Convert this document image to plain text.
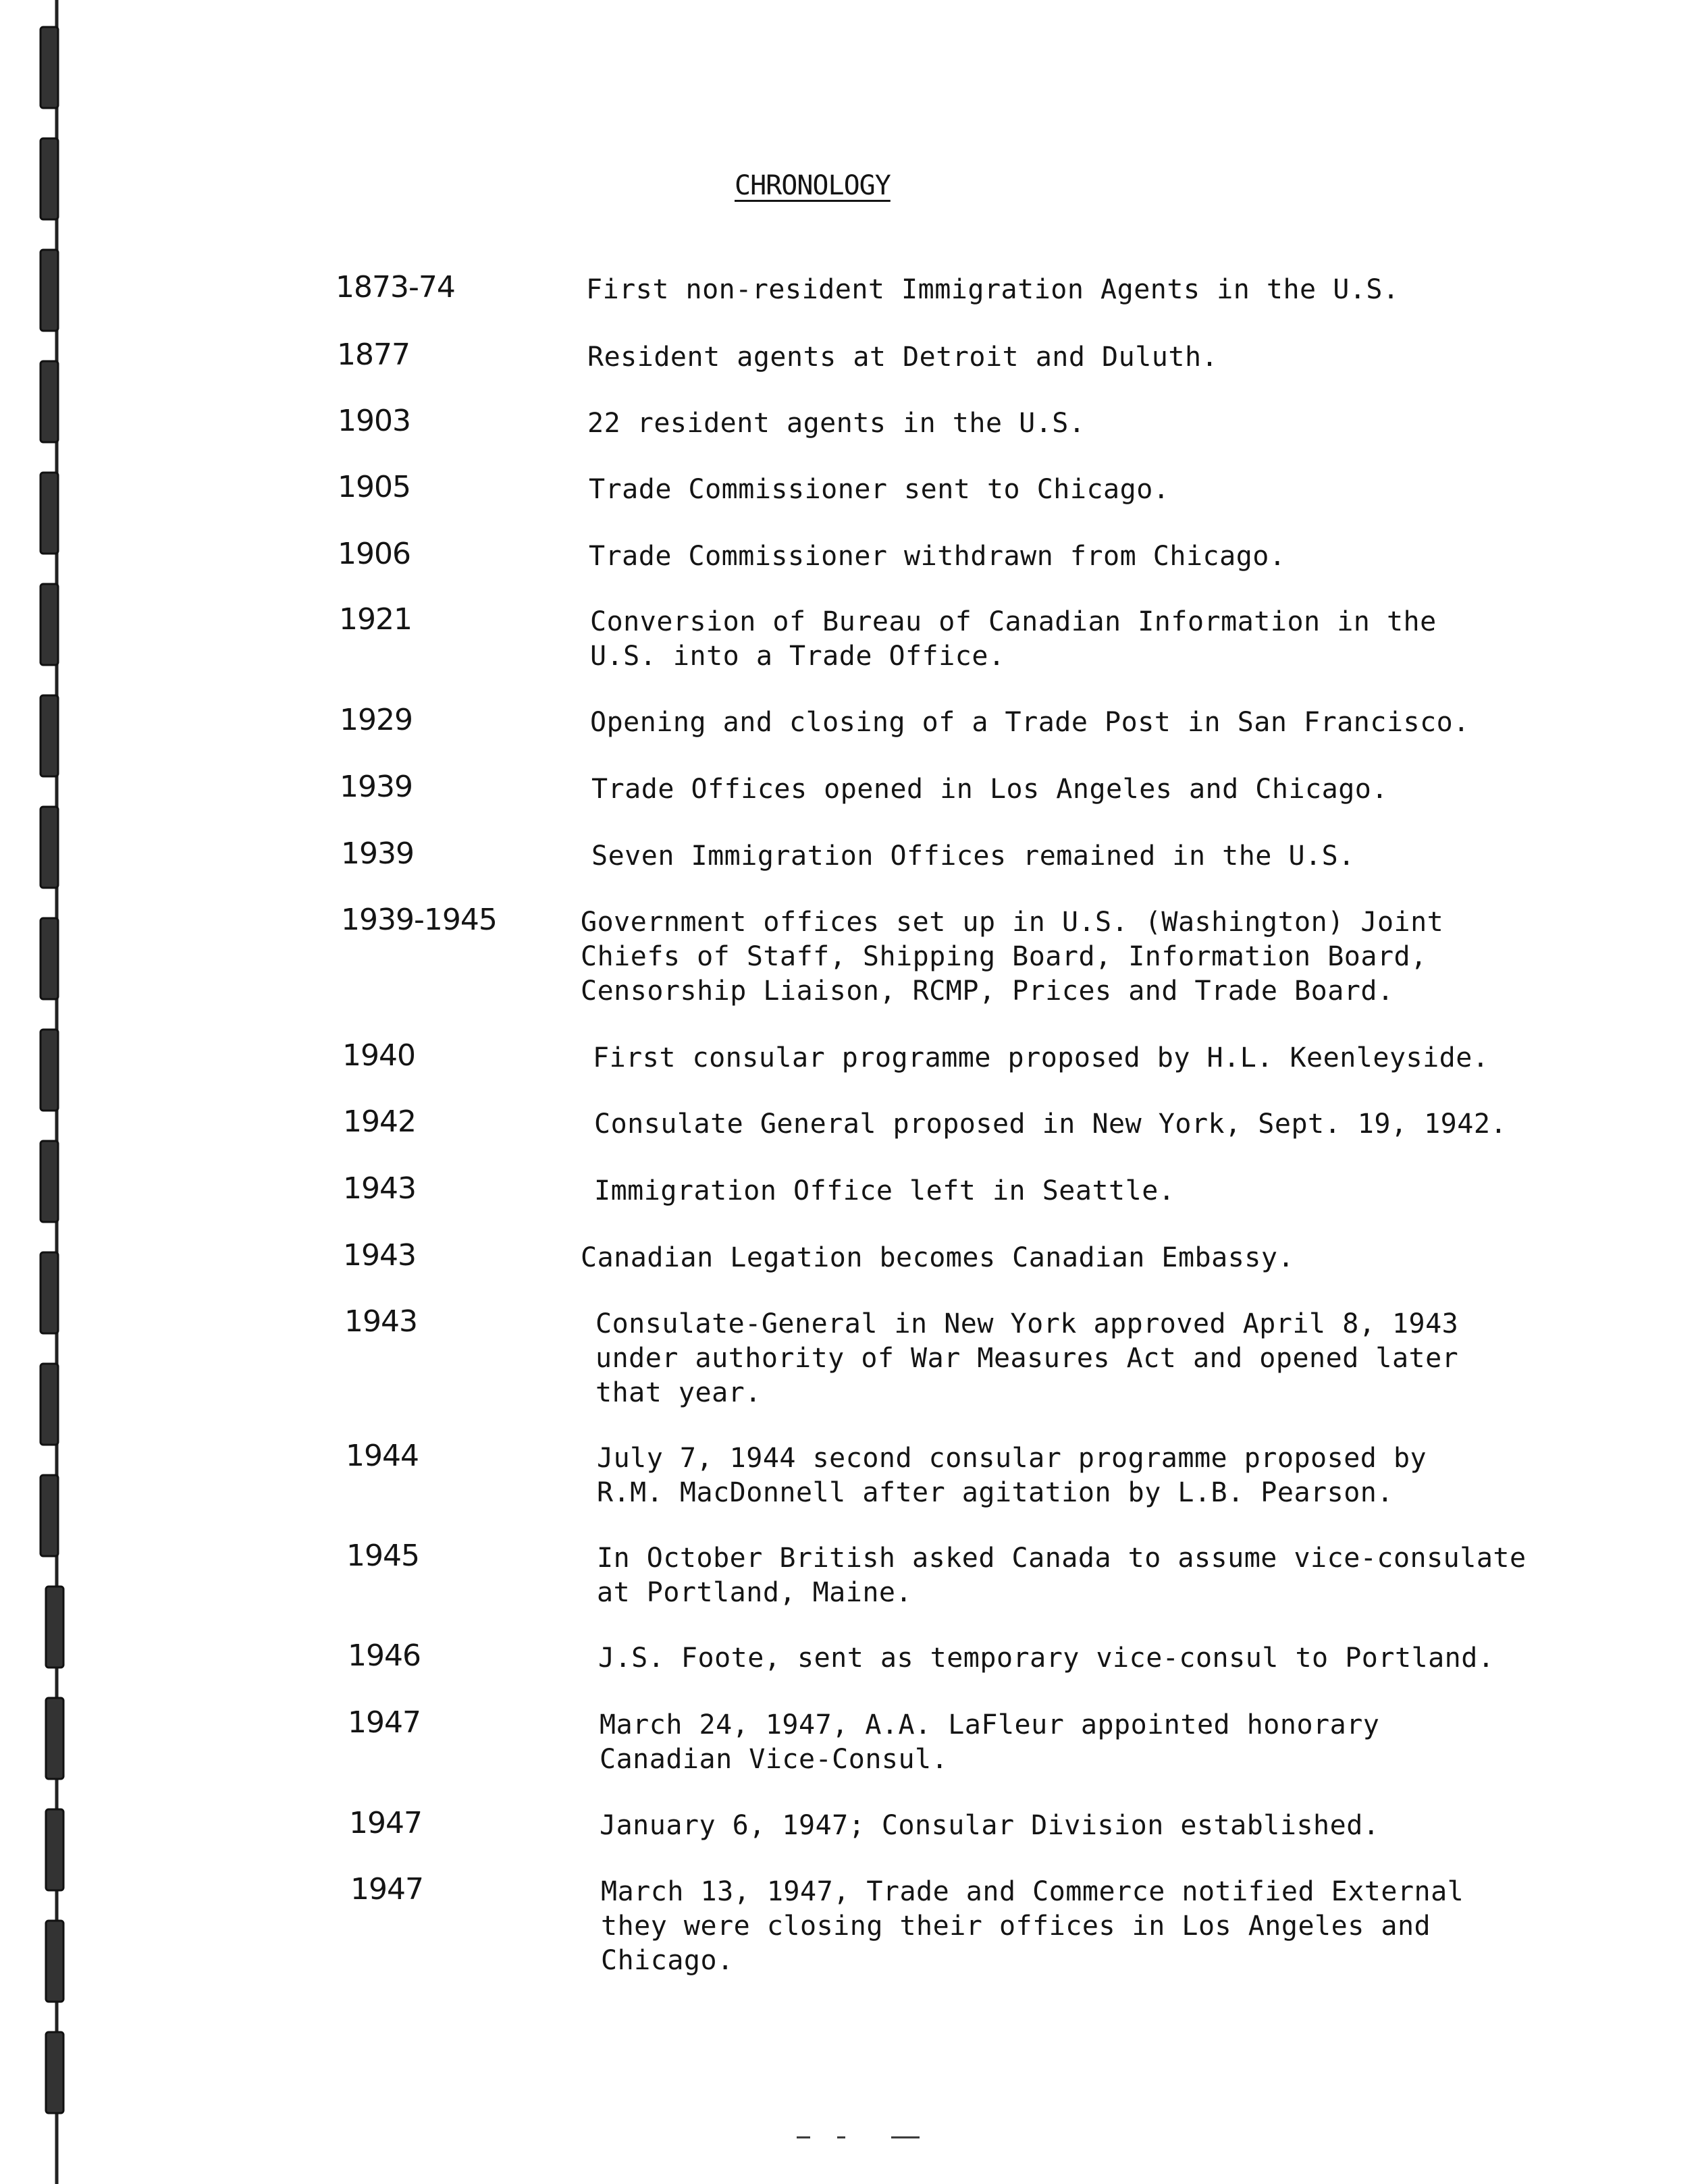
CHRONOLOGY
1873-74	First non-resident Immigration Agents in the U.S.
1877	Resident agents at Detroit and Duluth.
1903	22 resident agents in the U.S.
1905	Trade Commissioner sent to Chicago.
1906	Trade Commissioner withdrawn from Chicago.
1921	Conversion of Bureau of Canadian Information in the
U.S. into a Trade Office.
1929	Opening and closing of a Trade Post in San Francisco.
1939	Trade Offices opened in Los Angeles and Chicago.
1939	Seven Immigration Offices remained in the U.S.
1939-1945	Government offices set up in U.S. (Washington) Joint
Chiefs of Staff, Shipping Board, Information Board,
Censorship Liaison, RCMP, Prices and Trade Board.
1940	First consular programme proposed by H.L. Keenleyside.
1942	Consulate General proposed in New York, Sept. 19, 1942.
1943	Immigration Office left in Seattle.
1943	Canadian Legation becomes Canadian Embassy.
1943	Consulate-General in New York approved April 8, 1943
under authority of War Measures Act and opened later
that year.
1944	July 7, 1944 second consular programme proposed by
R.M. MacDonnell after agitation by L.B. Pearson.
1945	In October British asked Canada to assume vice-consulate
at Portland, Maine.
1946	J.S. Foote, sent as temporary vice-consul to Portland.
1947	March 24, 1947, A.A. LaFleur appointed honorary
Canadian Vice-Consul.
1947	January 6, 1947; Consular Division established.
1947	March 13, 1947, Trade and Commerce notified External
they were closing their offices in Los Angeles and
Chicago.
